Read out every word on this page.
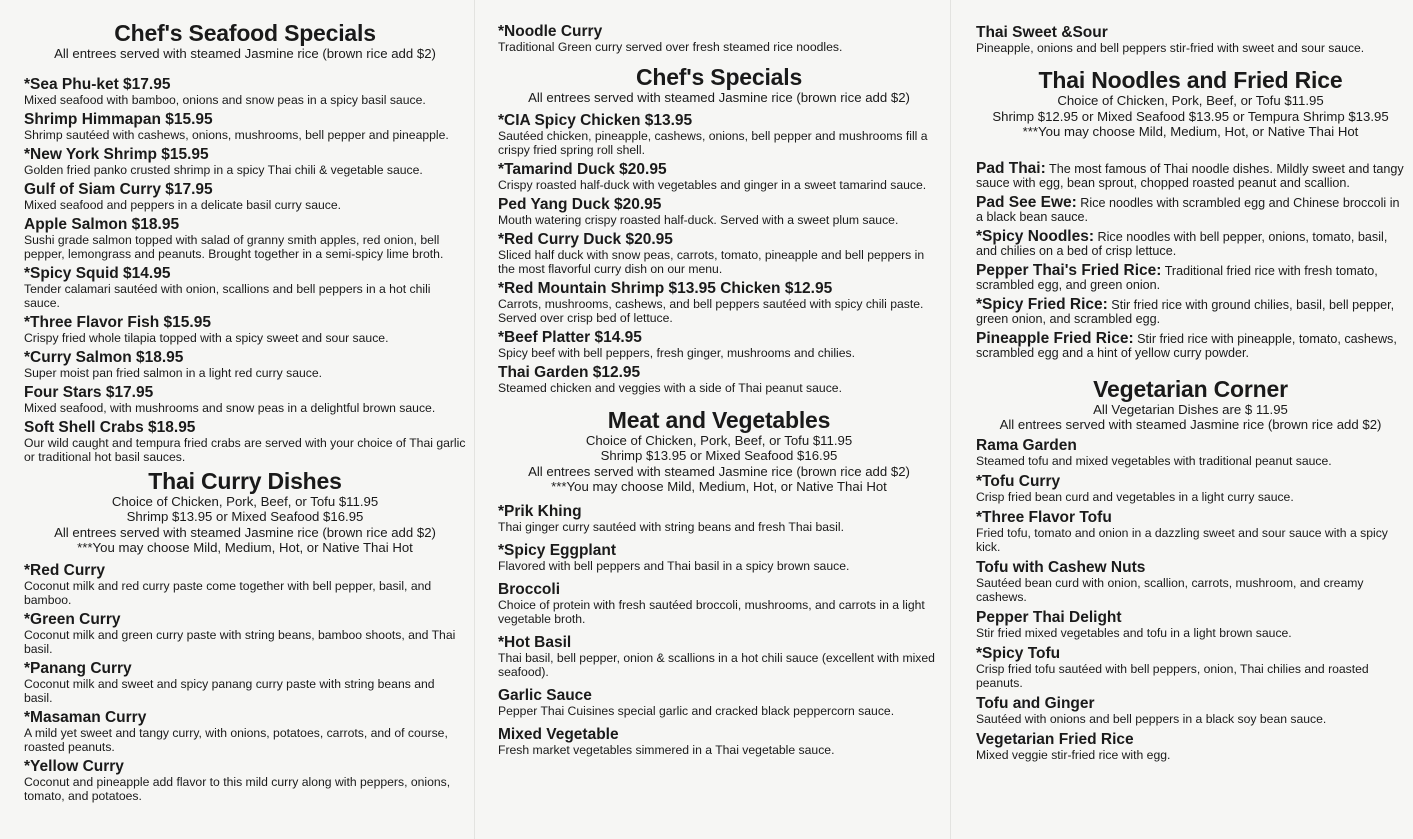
Chef's Seafood Specials

All entrees served with steamed Jasmine rice (brown rice add $2)

*Sea Phu-ket $17.95

Mixed seafood with bamboo, onions and snow peas in a spicy basil sauce.

Shrimp Himmapan $15.95

Shrimp sautéed with cashews, onions, mushrooms, bell pepper and pineapple.

*New York Shrimp $15.95

Golden fried panko crusted shrimp in a spicy Thai chili & vegetable sauce.

Gulf of Siam Curry $17.95

Mixed seafood and peppers in a delicate basil curry sauce.

Apple Salmon $18.95

Sushi grade salmon topped with salad of granny smith apples, red onion, bell pepper, lemongrass and peanuts. Brought together in a semi-spicy lime broth.

*Spicy Squid $14.95

Tender calamari sautéed with onion, scallions and bell peppers in a hot chili sauce.

*Three Flavor Fish $15.95

Crispy fried whole tilapia topped with a spicy sweet and sour sauce.

*Curry Salmon $18.95

Super moist pan fried salmon in a light red curry sauce.

Four Stars $17.95

Mixed seafood, with mushrooms and snow peas in a delightful brown sauce.

Soft Shell Crabs $18.95

Our wild caught and tempura fried crabs are served with your choice of Thai garlic or traditional hot basil sauces.

Thai Curry Dishes

Choice of Chicken, Pork, Beef, or Tofu $11.95

Shrimp $13.95 or Mixed Seafood $16.95

All entrees served with steamed Jasmine rice (brown rice add $2)

***You may choose Mild, Medium, Hot, or Native Thai Hot

*Red Curry

Coconut milk and red curry paste come together with bell pepper, basil, and bamboo.

*Green Curry

Coconut milk and green curry paste with string beans, bamboo shoots, and Thai basil.

*Panang Curry

Coconut milk and sweet and spicy panang curry paste with string beans and basil.

*Masaman Curry

A mild yet sweet and tangy curry, with onions, potatoes, carrots, and of course, roasted peanuts.

*Yellow Curry

Coconut and pineapple add flavor to this mild curry along with peppers, onions, tomato, and potatoes.

*Noodle Curry

Traditional Green curry served over fresh steamed rice noodles.

Chef's Specials

All entrees served with steamed Jasmine rice (brown rice add $2)

*CIA Spicy Chicken $13.95

Sautéed chicken, pineapple, cashews, onions, bell pepper and mushrooms fill a crispy fried spring roll shell.

*Tamarind Duck $20.95

Crispy roasted half-duck with vegetables and ginger in a sweet tamarind sauce.

Ped Yang Duck $20.95

Mouth watering crispy roasted half-duck. Served with a sweet plum sauce.

*Red Curry Duck $20.95

Sliced half duck with snow peas, carrots, tomato, pineapple and bell peppers in the most flavorful curry dish on our menu.

*Red Mountain Shrimp $13.95 Chicken $12.95

Carrots, mushrooms, cashews, and bell peppers sautéed with spicy chili paste. Served over crisp bed of lettuce.

*Beef Platter $14.95

Spicy beef with bell peppers, fresh ginger, mushrooms and chilies.

Thai Garden $12.95

Steamed chicken and veggies with a side of Thai peanut sauce.

Meat and Vegetables

Choice of Chicken, Pork, Beef, or Tofu $11.95

Shrimp $13.95 or Mixed Seafood $16.95

All entrees served with steamed Jasmine rice (brown rice add $2)

***You may choose Mild, Medium, Hot, or Native Thai Hot

*Prik Khing

Thai ginger curry sautéed with string beans and fresh Thai basil.

*Spicy Eggplant

Flavored with bell peppers and Thai basil in a spicy brown sauce.

Broccoli

Choice of protein with fresh sautéed broccoli, mushrooms, and carrots in a light vegetable broth.

*Hot Basil

Thai basil, bell pepper, onion & scallions in a hot chili sauce (excellent with mixed seafood).

Garlic Sauce

Pepper Thai Cuisines special garlic and cracked black peppercorn sauce.

Mixed Vegetable

Fresh market vegetables simmered in a Thai vegetable sauce.

Thai Sweet &Sour

Pineapple, onions and bell peppers stir-fried with sweet and sour sauce.

Thai Noodles and Fried Rice

Choice of Chicken, Pork, Beef, or Tofu $11.95

Shrimp $12.95 or Mixed Seafood $13.95 or Tempura Shrimp $13.95

***You may choose Mild, Medium, Hot, or Native Thai Hot

Pad Thai: The most famous of Thai noodle dishes. Mildly sweet and tangy sauce with egg, bean sprout, chopped roasted peanut and scallion.

Pad See Ewe: Rice noodles with scrambled egg and Chinese broccoli in a black bean sauce.

*Spicy Noodles: Rice noodles with bell pepper, onions, tomato, basil, and chilies on a bed of crisp lettuce.

Pepper Thai's Fried Rice: Traditional fried rice with fresh tomato, scrambled egg, and green onion.

*Spicy Fried Rice: Stir fried rice with ground chilies, basil, bell pepper, green onion, and scrambled egg.

Pineapple Fried Rice: Stir fried rice with pineapple, tomato, cashews, scrambled egg and a hint of yellow curry powder.

Vegetarian Corner

All Vegetarian Dishes are $ 11.95

All entrees served with steamed Jasmine rice (brown rice add $2)

Rama Garden

Steamed tofu and mixed vegetables with traditional peanut sauce.

*Tofu Curry

Crisp fried bean curd and vegetables in a light curry sauce.

*Three Flavor Tofu

Fried tofu, tomato and onion in a dazzling sweet and sour sauce with a spicy kick.

Tofu with Cashew Nuts

Sautéed bean curd with onion, scallion, carrots, mushroom, and creamy cashews.

Pepper Thai Delight

Stir fried mixed vegetables and tofu in a light brown sauce.

*Spicy Tofu

Crisp fried tofu sautéed with bell peppers, onion, Thai chilies and roasted peanuts.

Tofu and Ginger

Sautéed with onions and bell peppers in a black soy bean sauce.

Vegetarian Fried Rice

Mixed veggie stir-fried rice with egg.
